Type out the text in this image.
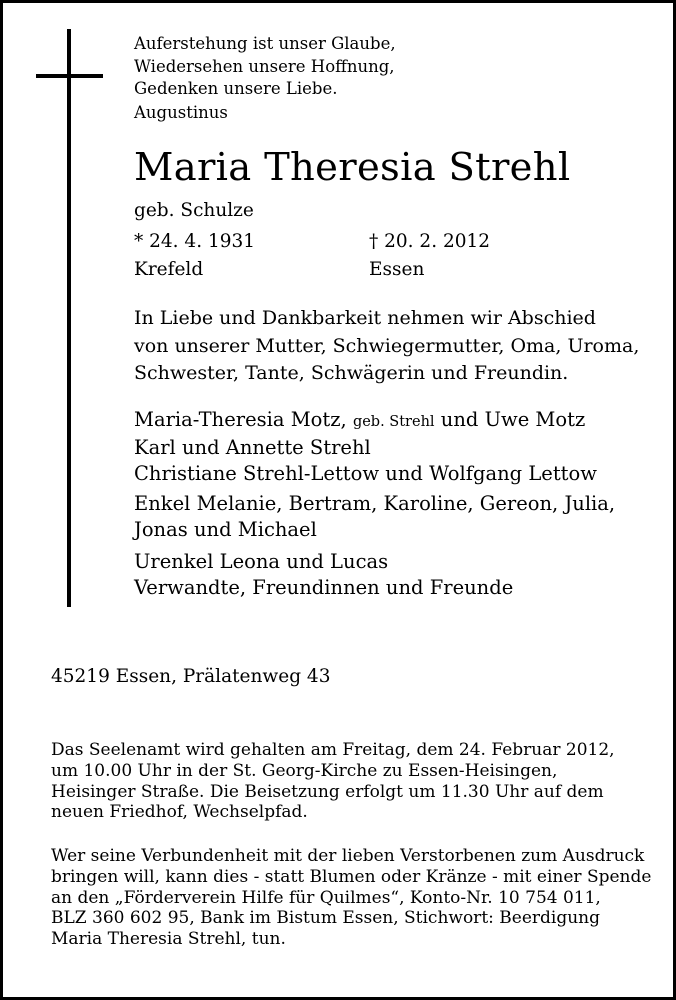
Auferstehung ist unser Glaube,
Wiedersehen unsere Hoffnung,
Gedenken unsere Liebe.
Augustinus
Maria Theresia Strehl
geb. Schulze
* 24. 4. 1931	† 20. 2. 2012
Krefeld	Essen
In Liebe und Dankbarkeit nehmen wir Abschied
von unserer Mutter, Schwiegermutter, Oma, Uroma,
Schwester, Tante, Schwägerin und Freundin.
Maria-Theresia Motz, geb. Strehl und Uwe Motz
Karl und Annette Strehl
Christiane Strehl-Lettow und Wolfgang Lettow
Enkel Melanie, Bertram, Karoline, Gereon, Julia,
Jonas und Michael
Urenkel Leona und Lucas
Verwandte, Freundinnen und Freunde
45219 Essen, Prälatenweg 43
Das Seelenamt wird gehalten am Freitag, dem 24. Februar 2012,
um 10.00 Uhr in der St. Georg-Kirche zu Essen-Heisingen,
Heisinger Straße. Die Beisetzung erfolgt um 11.30 Uhr auf dem
neuen Friedhof, Wechselpfad.
Wer seine Verbundenheit mit der lieben Verstorbenen zum Ausdruck
bringen will, kann dies - statt Blumen oder Kränze - mit einer Spende
an den „Förderverein Hilfe für Quilmes“, Konto-Nr. 10 754 011,
BLZ 360 602 95, Bank im Bistum Essen, Stichwort: Beerdigung
Maria Theresia Strehl, tun.
